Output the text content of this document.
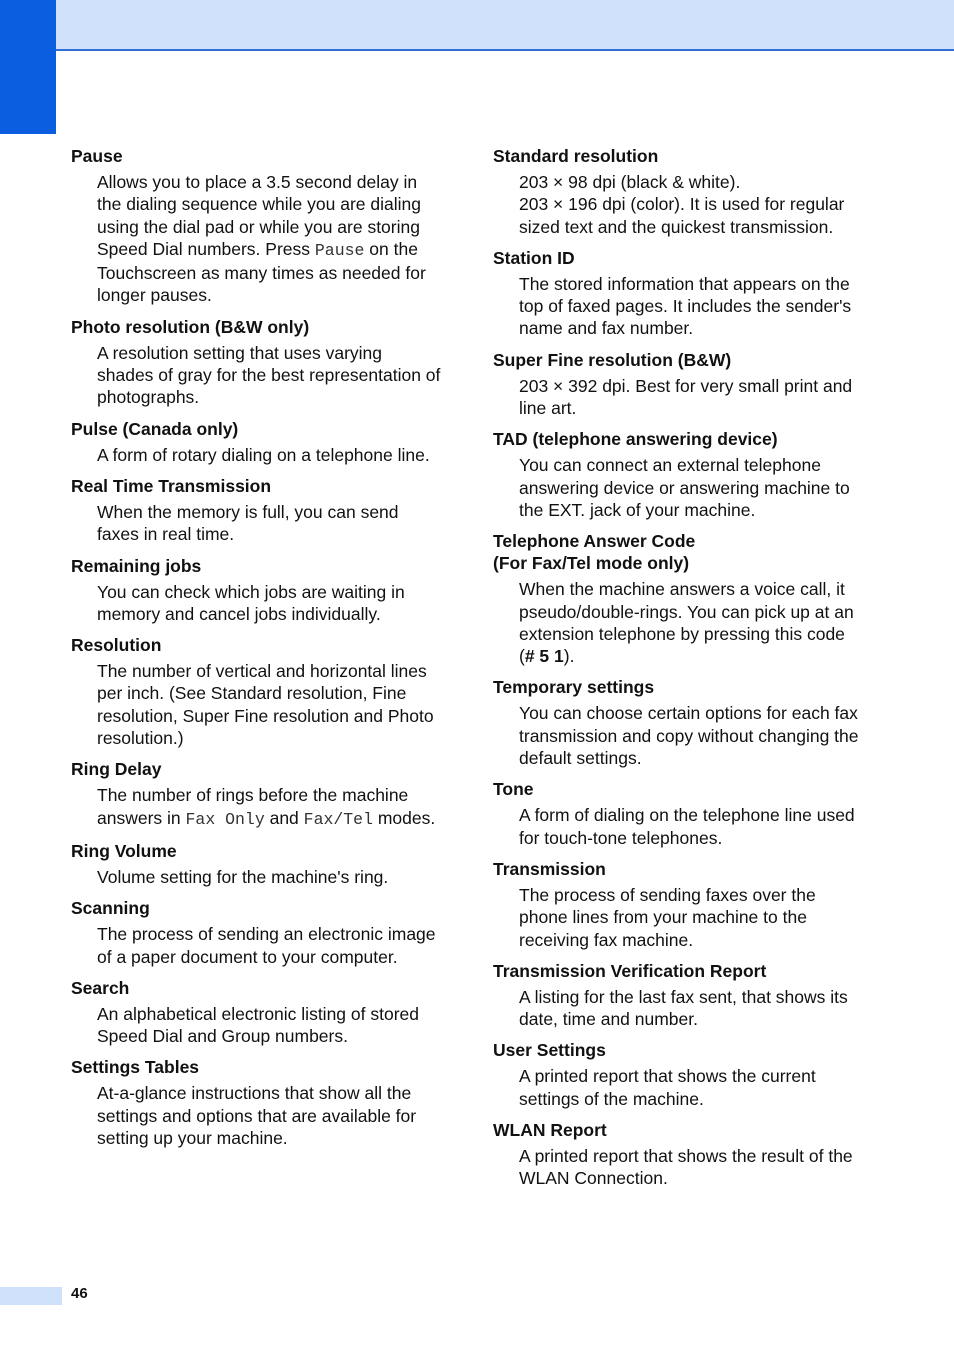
Pause
Allows you to place a 3.5 second delay in the dialing sequence while you are dialing using the dial pad or while you are storing Speed Dial numbers. Press Pause on the Touchscreen as many times as needed for longer pauses.
Photo resolution (B&W only)
A resolution setting that uses varying shades of gray for the best representation of photographs.
Pulse (Canada only)
A form of rotary dialing on a telephone line.
Real Time Transmission
When the memory is full, you can send faxes in real time.
Remaining jobs
You can check which jobs are waiting in memory and cancel jobs individually.
Resolution
The number of vertical and horizontal lines per inch. (See Standard resolution, Fine resolution, Super Fine resolution and Photo resolution.)
Ring Delay
The number of rings before the machine answers in Fax Only and Fax/Tel modes.
Ring Volume
Volume setting for the machine's ring.
Scanning
The process of sending an electronic image of a paper document to your computer.
Search
An alphabetical electronic listing of stored Speed Dial and Group numbers.
Settings Tables
At-a-glance instructions that show all the settings and options that are available for setting up your machine.
Standard resolution
203 × 98 dpi (black & white).
203 × 196 dpi (color). It is used for regular sized text and the quickest transmission.
Station ID
The stored information that appears on the top of faxed pages. It includes the sender's name and fax number.
Super Fine resolution (B&W)
203 × 392 dpi. Best for very small print and line art.
TAD (telephone answering device)
You can connect an external telephone answering device or answering machine to the EXT. jack of your machine.
Telephone Answer Code
(For Fax/Tel mode only)
When the machine answers a voice call, it pseudo/double-rings. You can pick up at an extension telephone by pressing this code (# 5 1).
Temporary settings
You can choose certain options for each fax transmission and copy without changing the default settings.
Tone
A form of dialing on the telephone line used for touch-tone telephones.
Transmission
The process of sending faxes over the phone lines from your machine to the receiving fax machine.
Transmission Verification Report
A listing for the last fax sent, that shows its date, time and number.
User Settings
A printed report that shows the current settings of the machine.
WLAN Report
A printed report that shows the result of the WLAN Connection.
46
